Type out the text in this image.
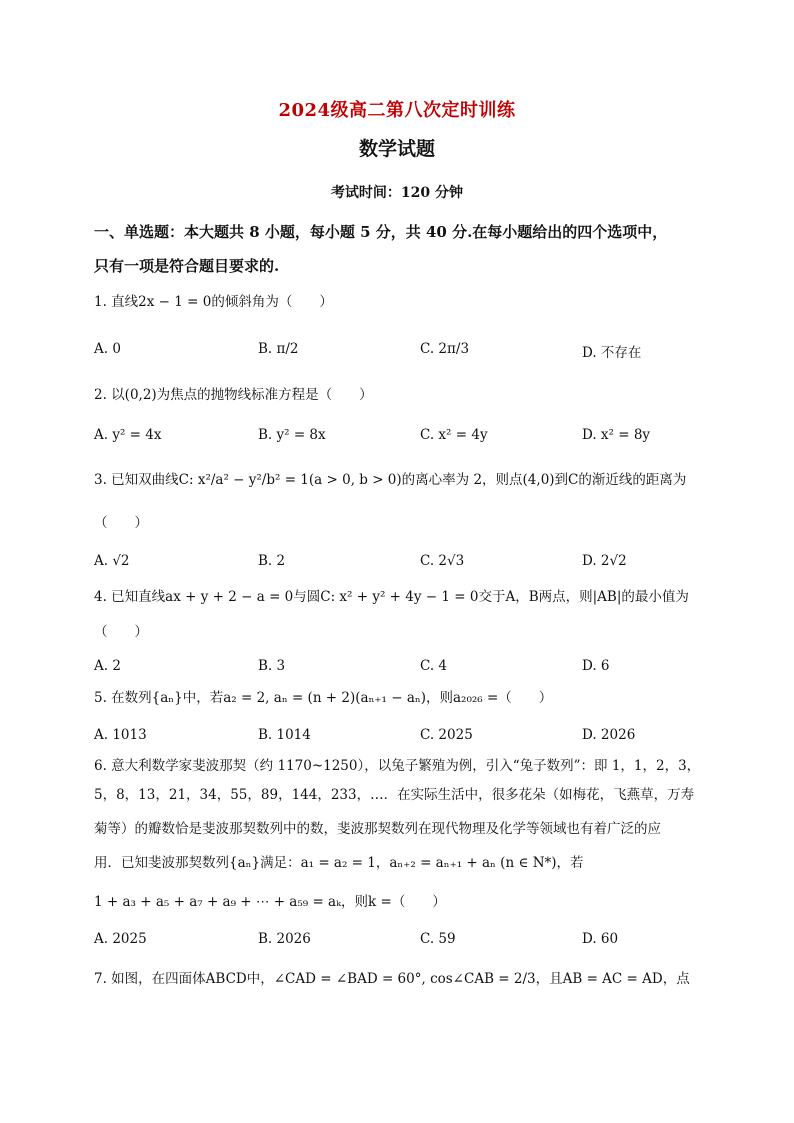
2024级高二第八次定时训练
数学试题
考试时间：120 分钟
一、单选题：本大题共 8 小题，每小题 5 分，共 40 分.在每小题给出的四个选项中，
只有一项是符合题目要求的.
1. 直线2x − 1 = 0的倾斜角为（　　）
A. 0	B. π/2	C. 2π/3	D. 不存在
2. 以(0,2)为焦点的抛物线标准方程是（　　）
A. y² = 4x	B. y² = 8x	C. x² = 4y	D. x² = 8y
3. 已知双曲线C: x²/a² − y²/b² = 1(a > 0, b > 0)的离心率为 2，则点(4,0)到C的渐近线的距离为
（　　）
A. √2	B. 2	C. 2√3	D. 2√2
4. 已知直线ax + y + 2 − a = 0与圆C: x² + y² + 4y − 1 = 0交于A，B两点，则|AB|的最小值为
（　　）
A. 2	B. 3	C. 4	D. 6
5. 在数列{aₙ}中，若a₂ = 2, aₙ = (n + 2)(aₙ₊₁ − aₙ)，则a₂₀₂₆ =（　　）
A. 1013	B. 1014	C. 2025	D. 2026
6. 意大利数学家斐波那契（约 1170~1250），以兔子繁殖为例，引入“兔子数列”：即 1，1，2，3，
5，8，13，21，34，55，89，144，233，…．在实际生活中，很多花朵（如梅花，飞燕草，万寿
菊等）的瓣数恰是斐波那契数列中的数，斐波那契数列在现代物理及化学等领域也有着广泛的应
用．已知斐波那契数列{aₙ}满足：a₁ = a₂ = 1，aₙ₊₂ = aₙ₊₁ + aₙ (n ∈ N*)，若
1 + a₃ + a₅ + a₇ + a₉ + ⋯ + a₅₉ = aₖ，则k =（　　）
A. 2025	B. 2026	C. 59	D. 60
7. 如图，在四面体ABCD中，∠CAD = ∠BAD = 60°, cos∠CAB = 2/3，且AB = AC = AD，点
